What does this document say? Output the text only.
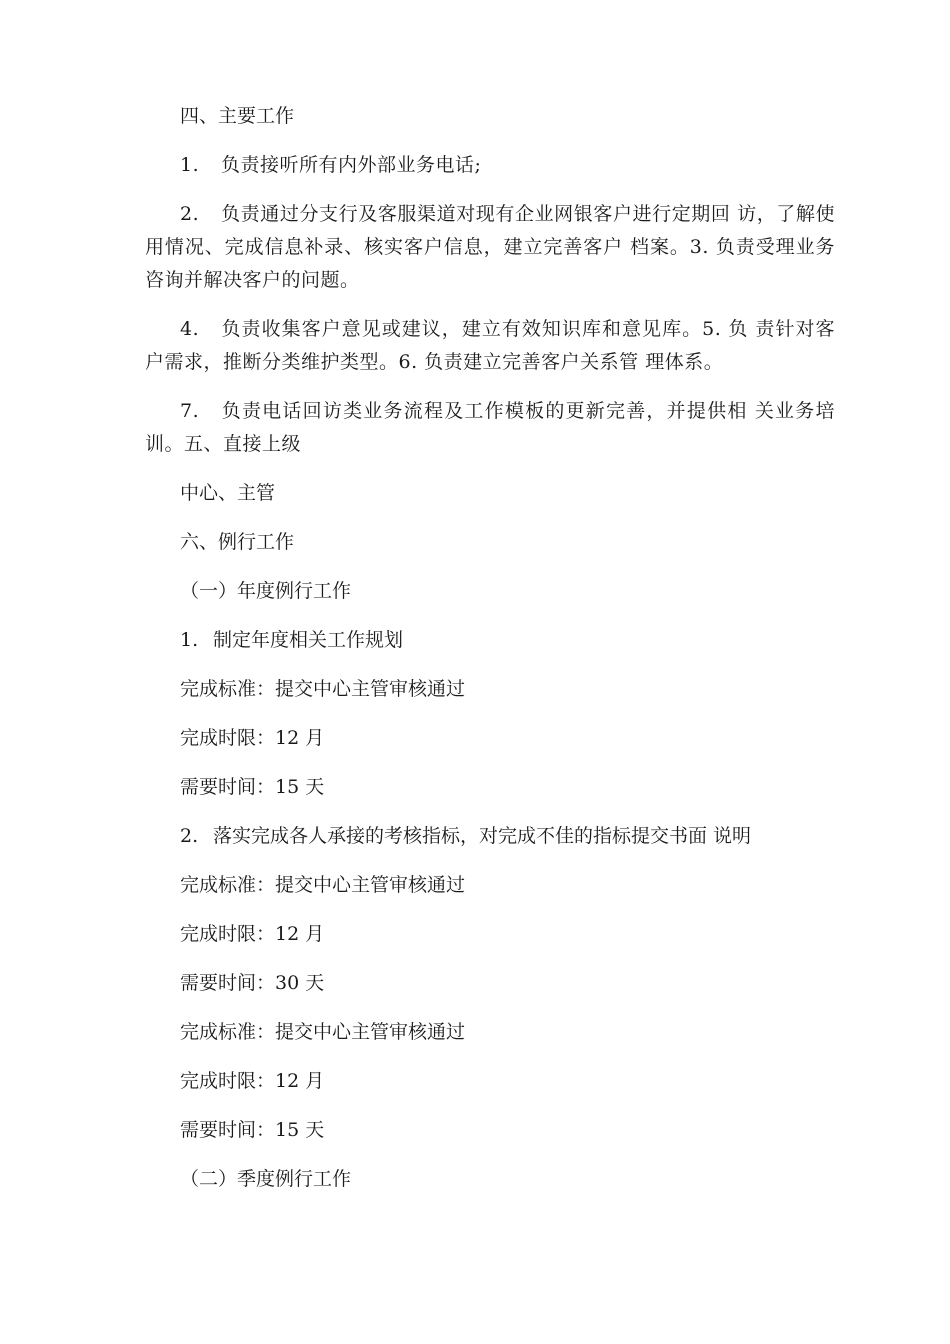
四、主要工作
1. 负责接听所有内外部业务电话;
2. 负责通过分支行及客服渠道对现有企业网银客户进行定期回 访，了解使用情况、完成信息补录、核实客户信息，建立完善客户 档案。3. 负责受理业务咨询并解决客户的问题。
4. 负责收集客户意见或建议，建立有效知识库和意见库。5. 负 责针对客户需求，推断分类维护类型。6. 负责建立完善客户关系管 理体系。
7. 负责电话回访类业务流程及工作模板的更新完善，并提供相 关业务培训。五、直接上级
中心、主管
六、例行工作
（一）年度例行工作
1. 制定年度相关工作规划
完成标准：提交中心主管审核通过
完成时限：12 月
需要时间：15 天
2. 落实完成各人承接的考核指标，对完成不佳的指标提交书面 说明
完成标准：提交中心主管审核通过
完成时限：12 月
需要时间：30 天
完成标准：提交中心主管审核通过
完成时限：12 月
需要时间：15 天
（二）季度例行工作
